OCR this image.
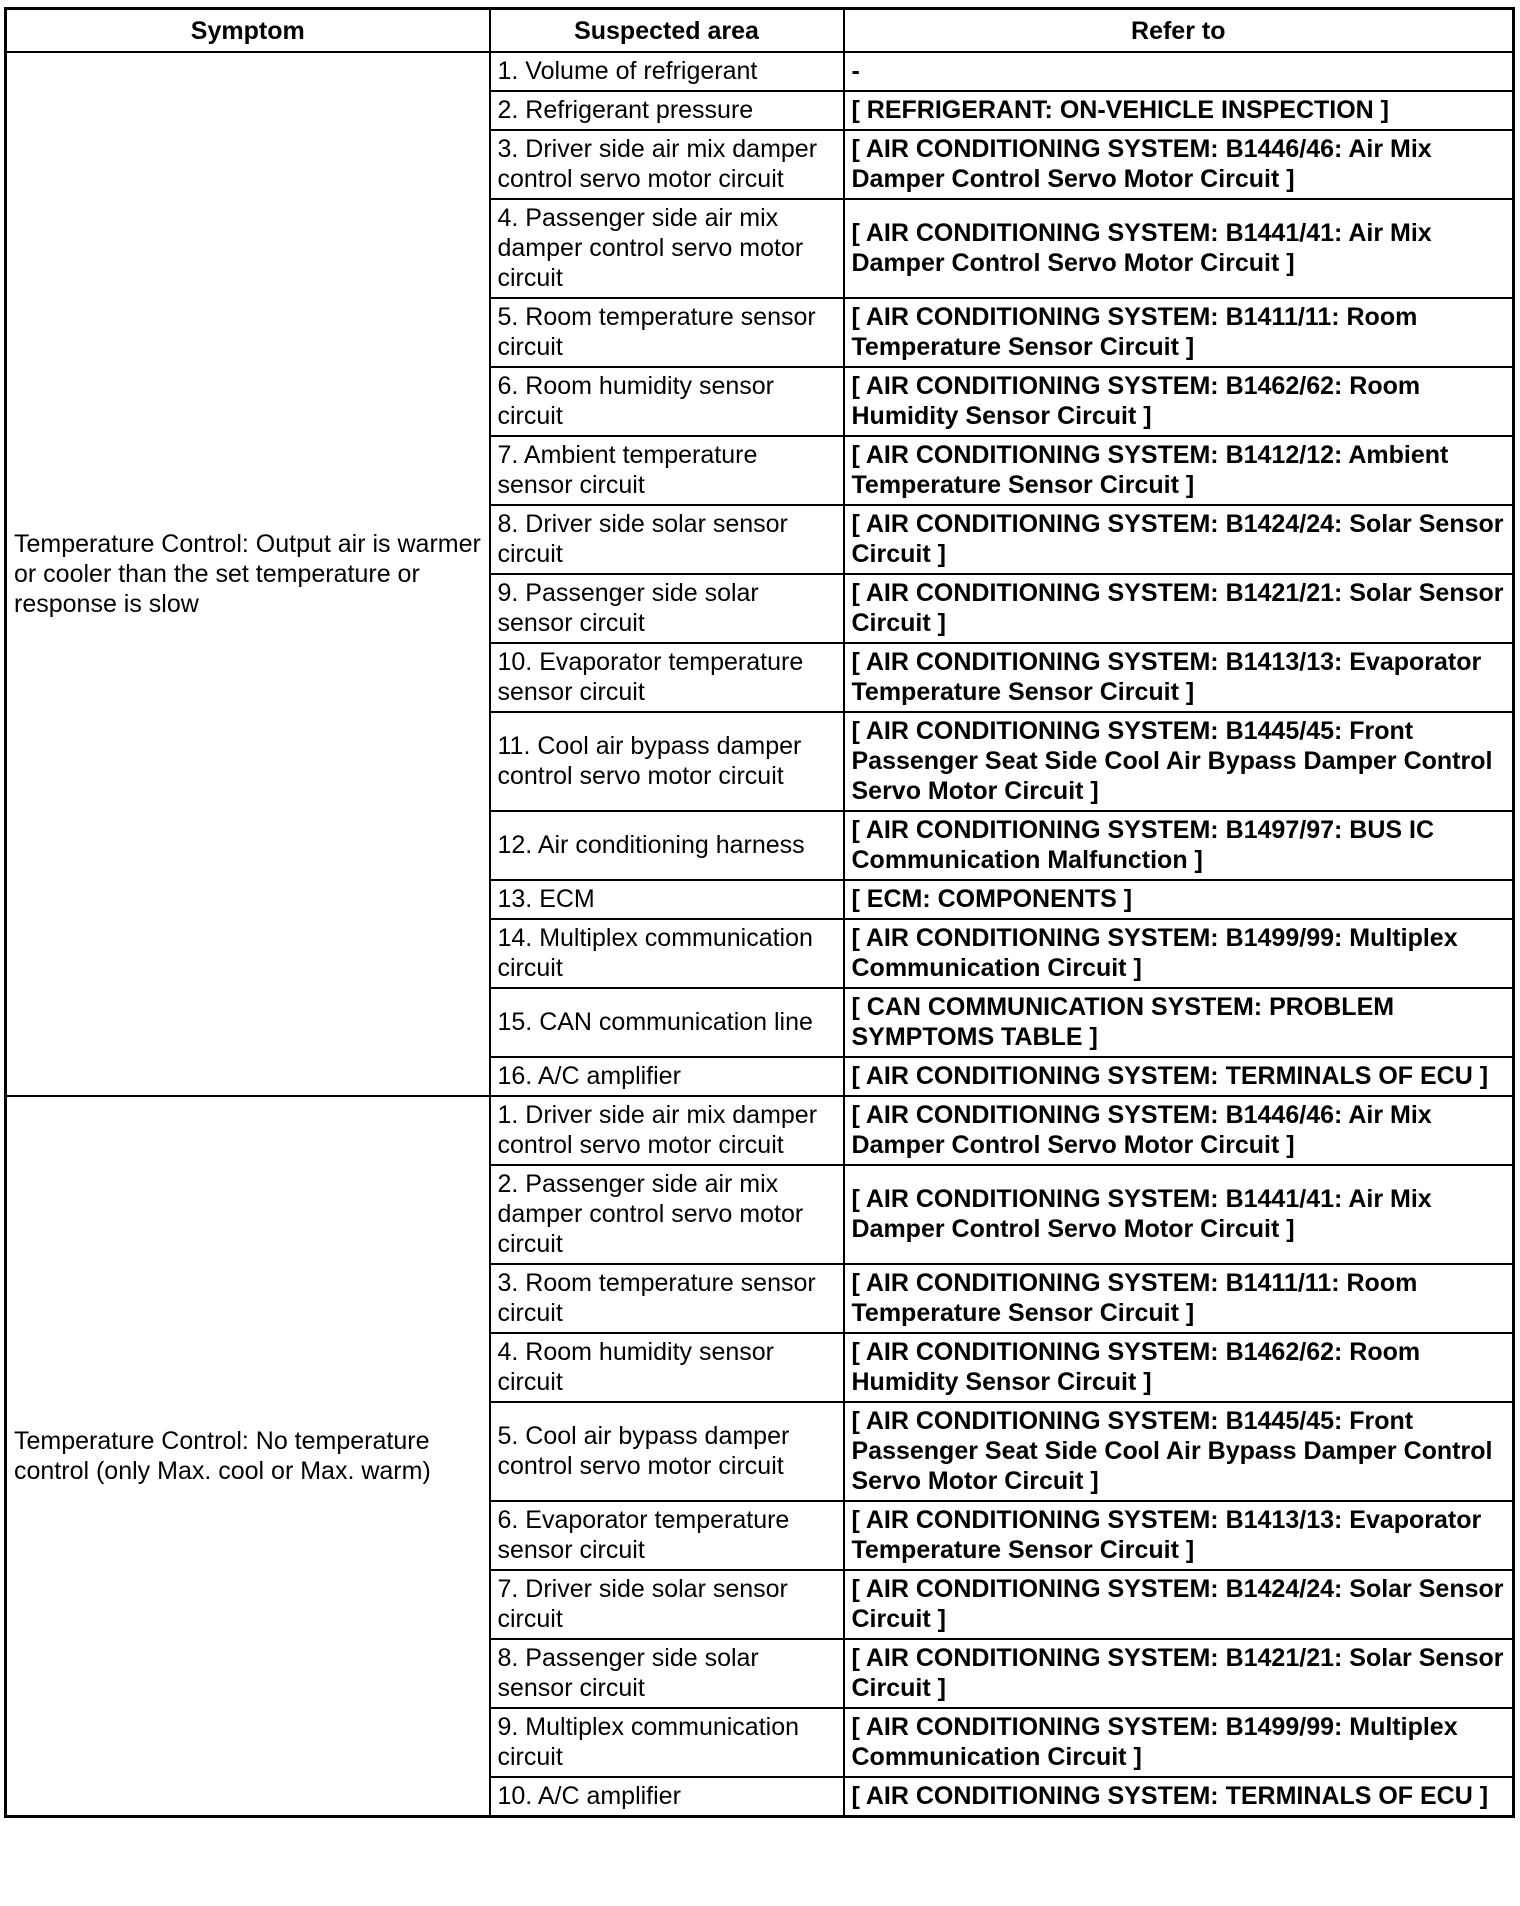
Symptom	Suspected area	Refer to
Temperature Control: Output air is warmer or cooler than the set temperature or response is slow	1. Volume of refrigerant	-
	2. Refrigerant pressure	[ REFRIGERANT: ON-VEHICLE INSPECTION ]
	3. Driver side air mix damper control servo motor circuit	[ AIR CONDITIONING SYSTEM: B1446/46: Air Mix Damper Control Servo Motor Circuit ]
	4. Passenger side air mix damper control servo motor circuit	[ AIR CONDITIONING SYSTEM: B1441/41: Air Mix Damper Control Servo Motor Circuit ]
	5. Room temperature sensor circuit	[ AIR CONDITIONING SYSTEM: B1411/11: Room Temperature Sensor Circuit ]
	6. Room humidity sensor circuit	[ AIR CONDITIONING SYSTEM: B1462/62: Room Humidity Sensor Circuit ]
	7. Ambient temperature sensor circuit	[ AIR CONDITIONING SYSTEM: B1412/12: Ambient Temperature Sensor Circuit ]
	8. Driver side solar sensor circuit	[ AIR CONDITIONING SYSTEM: B1424/24: Solar Sensor Circuit ]
	9. Passenger side solar sensor circuit	[ AIR CONDITIONING SYSTEM: B1421/21: Solar Sensor Circuit ]
	10. Evaporator temperature sensor circuit	[ AIR CONDITIONING SYSTEM: B1413/13: Evaporator Temperature Sensor Circuit ]
	11. Cool air bypass damper control servo motor circuit	[ AIR CONDITIONING SYSTEM: B1445/45: Front Passenger Seat Side Cool Air Bypass Damper Control Servo Motor Circuit ]
	12. Air conditioning harness	[ AIR CONDITIONING SYSTEM: B1497/97: BUS IC Communication Malfunction ]
	13. ECM	[ ECM: COMPONENTS ]
	14. Multiplex communication circuit	[ AIR CONDITIONING SYSTEM: B1499/99: Multiplex Communication Circuit ]
	15. CAN communication line	[ CAN COMMUNICATION SYSTEM: PROBLEM SYMPTOMS TABLE ]
	16. A/C amplifier	[ AIR CONDITIONING SYSTEM: TERMINALS OF ECU ]
Temperature Control: No temperature control (only Max. cool or Max. warm)	1. Driver side air mix damper control servo motor circuit	[ AIR CONDITIONING SYSTEM: B1446/46: Air Mix Damper Control Servo Motor Circuit ]
	2. Passenger side air mix damper control servo motor circuit	[ AIR CONDITIONING SYSTEM: B1441/41: Air Mix Damper Control Servo Motor Circuit ]
	3. Room temperature sensor circuit	[ AIR CONDITIONING SYSTEM: B1411/11: Room Temperature Sensor Circuit ]
	4. Room humidity sensor circuit	[ AIR CONDITIONING SYSTEM: B1462/62: Room Humidity Sensor Circuit ]
	5. Cool air bypass damper control servo motor circuit	[ AIR CONDITIONING SYSTEM: B1445/45: Front Passenger Seat Side Cool Air Bypass Damper Control Servo Motor Circuit ]
	6. Evaporator temperature sensor circuit	[ AIR CONDITIONING SYSTEM: B1413/13: Evaporator Temperature Sensor Circuit ]
	7. Driver side solar sensor circuit	[ AIR CONDITIONING SYSTEM: B1424/24: Solar Sensor Circuit ]
	8. Passenger side solar sensor circuit	[ AIR CONDITIONING SYSTEM: B1421/21: Solar Sensor Circuit ]
	9. Multiplex communication circuit	[ AIR CONDITIONING SYSTEM: B1499/99: Multiplex Communication Circuit ]
	10. A/C amplifier	[ AIR CONDITIONING SYSTEM: TERMINALS OF ECU ]
